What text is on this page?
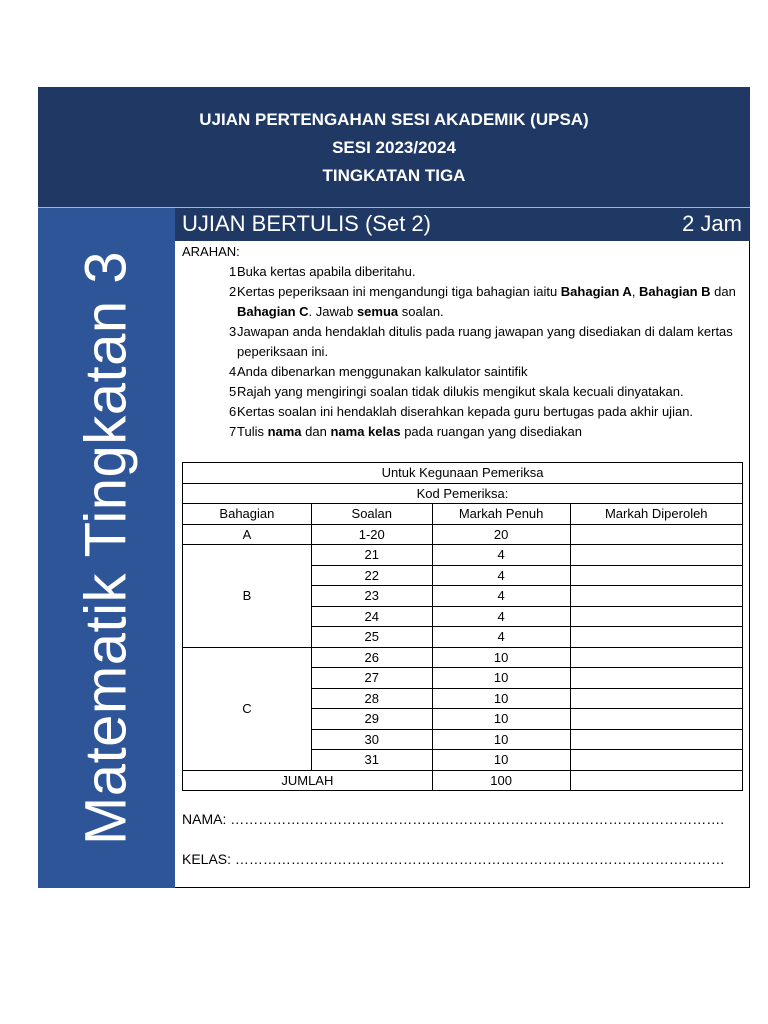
UJIAN PERTENGAHAN SESI AKADEMIK (UPSA)
SESI 2023/2024
TINGKATAN TIGA
Matematik Tingkatan 3
UJIAN BERTULIS (Set 2)	2 Jam
ARAHAN:
1 Buka kertas apabila diberitahu.
2 Kertas peperiksaan ini mengandungi tiga bahagian iaitu Bahagian A, Bahagian B dan Bahagian C. Jawab semua soalan.
3 Jawapan anda hendaklah ditulis pada ruang jawapan yang disediakan di dalam kertas peperiksaan ini.
4 Anda dibenarkan menggunakan kalkulator saintifik
5 Rajah yang mengiringi soalan tidak dilukis mengikut skala kecuali dinyatakan.
6 Kertas soalan ini hendaklah diserahkan kepada guru bertugas pada akhir ujian.
7 Tulis nama dan nama kelas pada ruangan yang disediakan
Untuk Kegunaan Pemeriksa			
Kod Pemeriksa:			
Bahagian	Soalan	Markah Penuh	Markah Diperoleh
A	1-20	20	
B	21	4	
	22	4	
	23	4	
	24	4	
	25	4	
C	26	10	
	27	10	
	28	10	
	29	10	
	30	10	
	31	10	
JUMLAH		100	
NAMA: …………………………………………………………………………………………….
KELAS: ……………………………………………………………………………………………
